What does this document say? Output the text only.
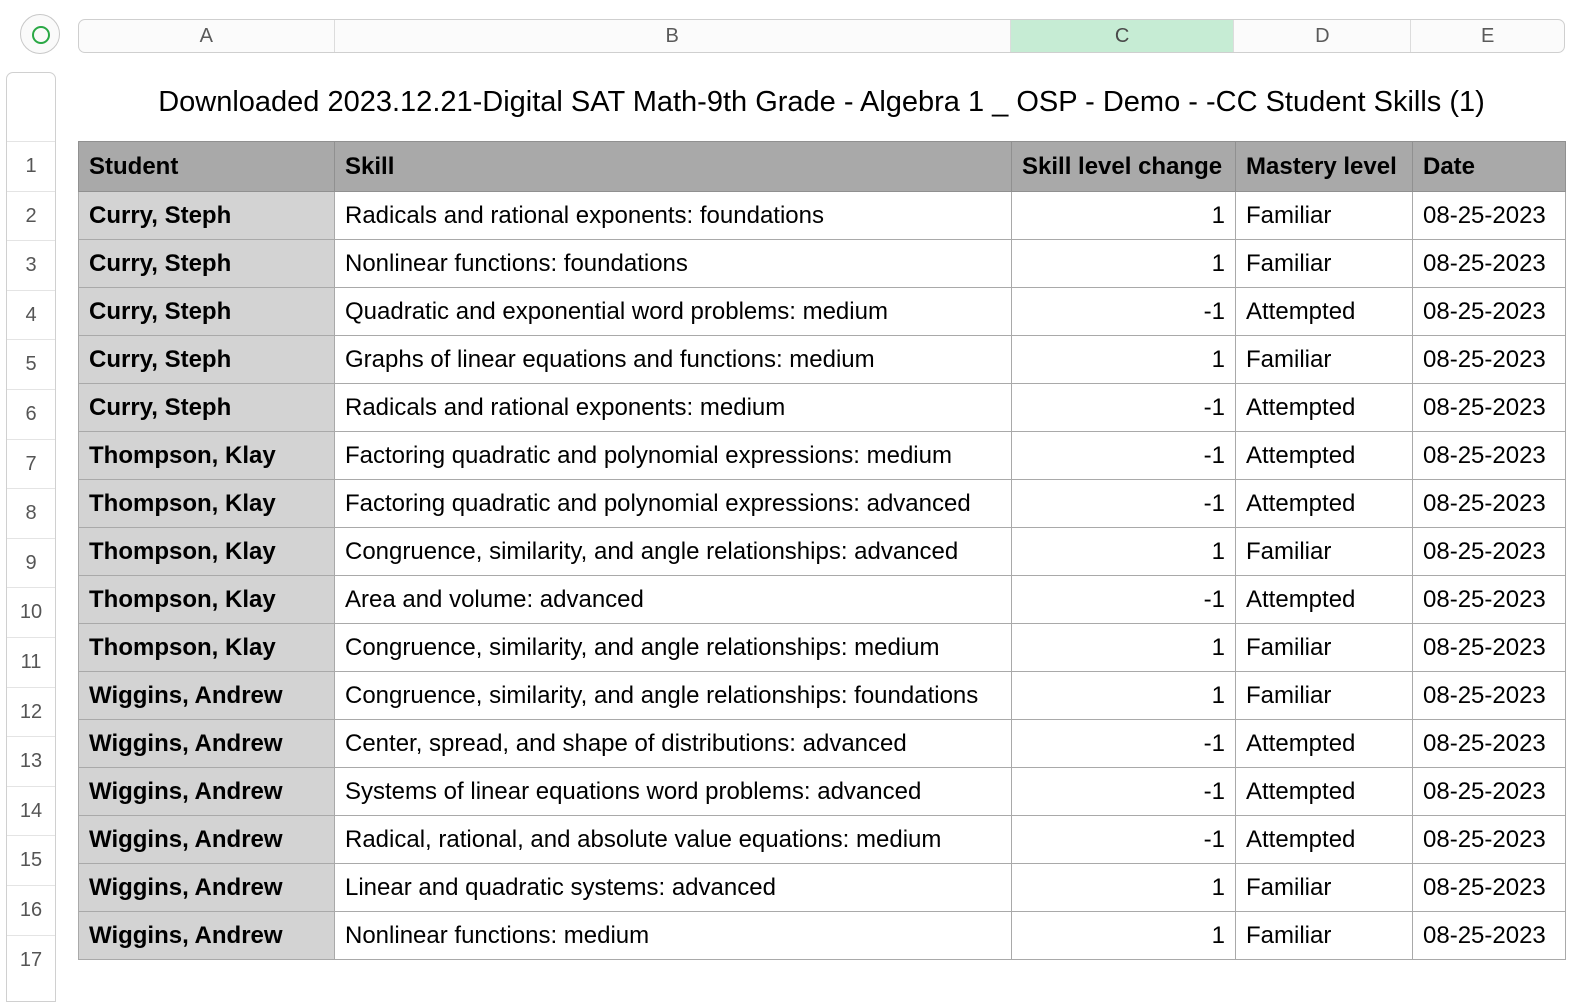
A	B	C	D	E
1
2
3
4
5
6
7
8
9
10
11
12
13
14
15
16
17
Downloaded 2023.12.21-Digital SAT Math-9th Grade - Algebra 1 _ OSP - Demo - -CC Student Skills (1)
Student	Skill	Skill level change	Mastery level	Date
Curry, Steph	Radicals and rational exponents: foundations	1	Familiar	08-25-2023
Curry, Steph	Nonlinear functions: foundations	1	Familiar	08-25-2023
Curry, Steph	Quadratic and exponential word problems: medium	-1	Attempted	08-25-2023
Curry, Steph	Graphs of linear equations and functions: medium	1	Familiar	08-25-2023
Curry, Steph	Radicals and rational exponents: medium	-1	Attempted	08-25-2023
Thompson, Klay	Factoring quadratic and polynomial expressions: medium	-1	Attempted	08-25-2023
Thompson, Klay	Factoring quadratic and polynomial expressions: advanced	-1	Attempted	08-25-2023
Thompson, Klay	Congruence, similarity, and angle relationships: advanced	1	Familiar	08-25-2023
Thompson, Klay	Area and volume: advanced	-1	Attempted	08-25-2023
Thompson, Klay	Congruence, similarity, and angle relationships: medium	1	Familiar	08-25-2023
Wiggins, Andrew	Congruence, similarity, and angle relationships: foundations	1	Familiar	08-25-2023
Wiggins, Andrew	Center, spread, and shape of distributions: advanced	-1	Attempted	08-25-2023
Wiggins, Andrew	Systems of linear equations word problems: advanced	-1	Attempted	08-25-2023
Wiggins, Andrew	Radical, rational, and absolute value equations: medium	-1	Attempted	08-25-2023
Wiggins, Andrew	Linear and quadratic systems: advanced	1	Familiar	08-25-2023
Wiggins, Andrew	Nonlinear functions: medium	1	Familiar	08-25-2023
